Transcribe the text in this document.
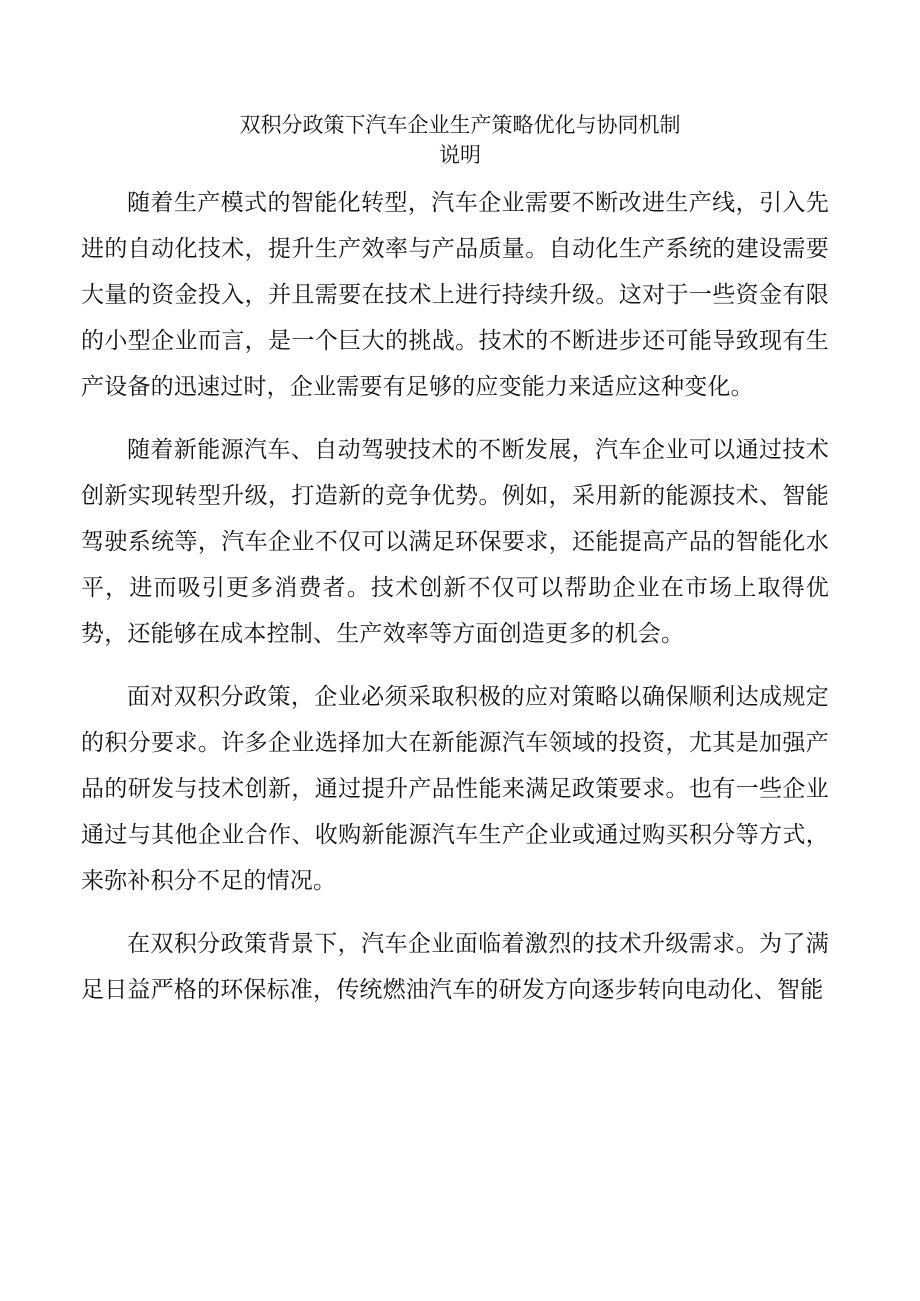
双积分政策下汽车企业生产策略优化与协同机制
说明

随着生产模式的智能化转型，汽车企业需要不断改进生产线，引入先进的自动化技术，提升生产效率与产品质量。自动化生产系统的建设需要大量的资金投入，并且需要在技术上进行持续升级。这对于一些资金有限的小型企业而言，是一个巨大的挑战。技术的不断进步还可能导致现有生产设备的迅速过时，企业需要有足够的应变能力来适应这种变化。

随着新能源汽车、自动驾驶技术的不断发展，汽车企业可以通过技术创新实现转型升级，打造新的竞争优势。例如，采用新的能源技术、智能驾驶系统等，汽车企业不仅可以满足环保要求，还能提高产品的智能化水平，进而吸引更多消费者。技术创新不仅可以帮助企业在市场上取得优势，还能够在成本控制、生产效率等方面创造更多的机会。

面对双积分政策，企业必须采取积极的应对策略以确保顺利达成规定的积分要求。许多企业选择加大在新能源汽车领域的投资，尤其是加强产品的研发与技术创新，通过提升产品性能来满足政策要求。也有一些企业通过与其他企业合作、收购新能源汽车生产企业或通过购买积分等方式，来弥补积分不足的情况。

在双积分政策背景下，汽车企业面临着激烈的技术升级需求。为了满足日益严格的环保标准，传统燃油汽车的研发方向逐步转向电动化、智能
